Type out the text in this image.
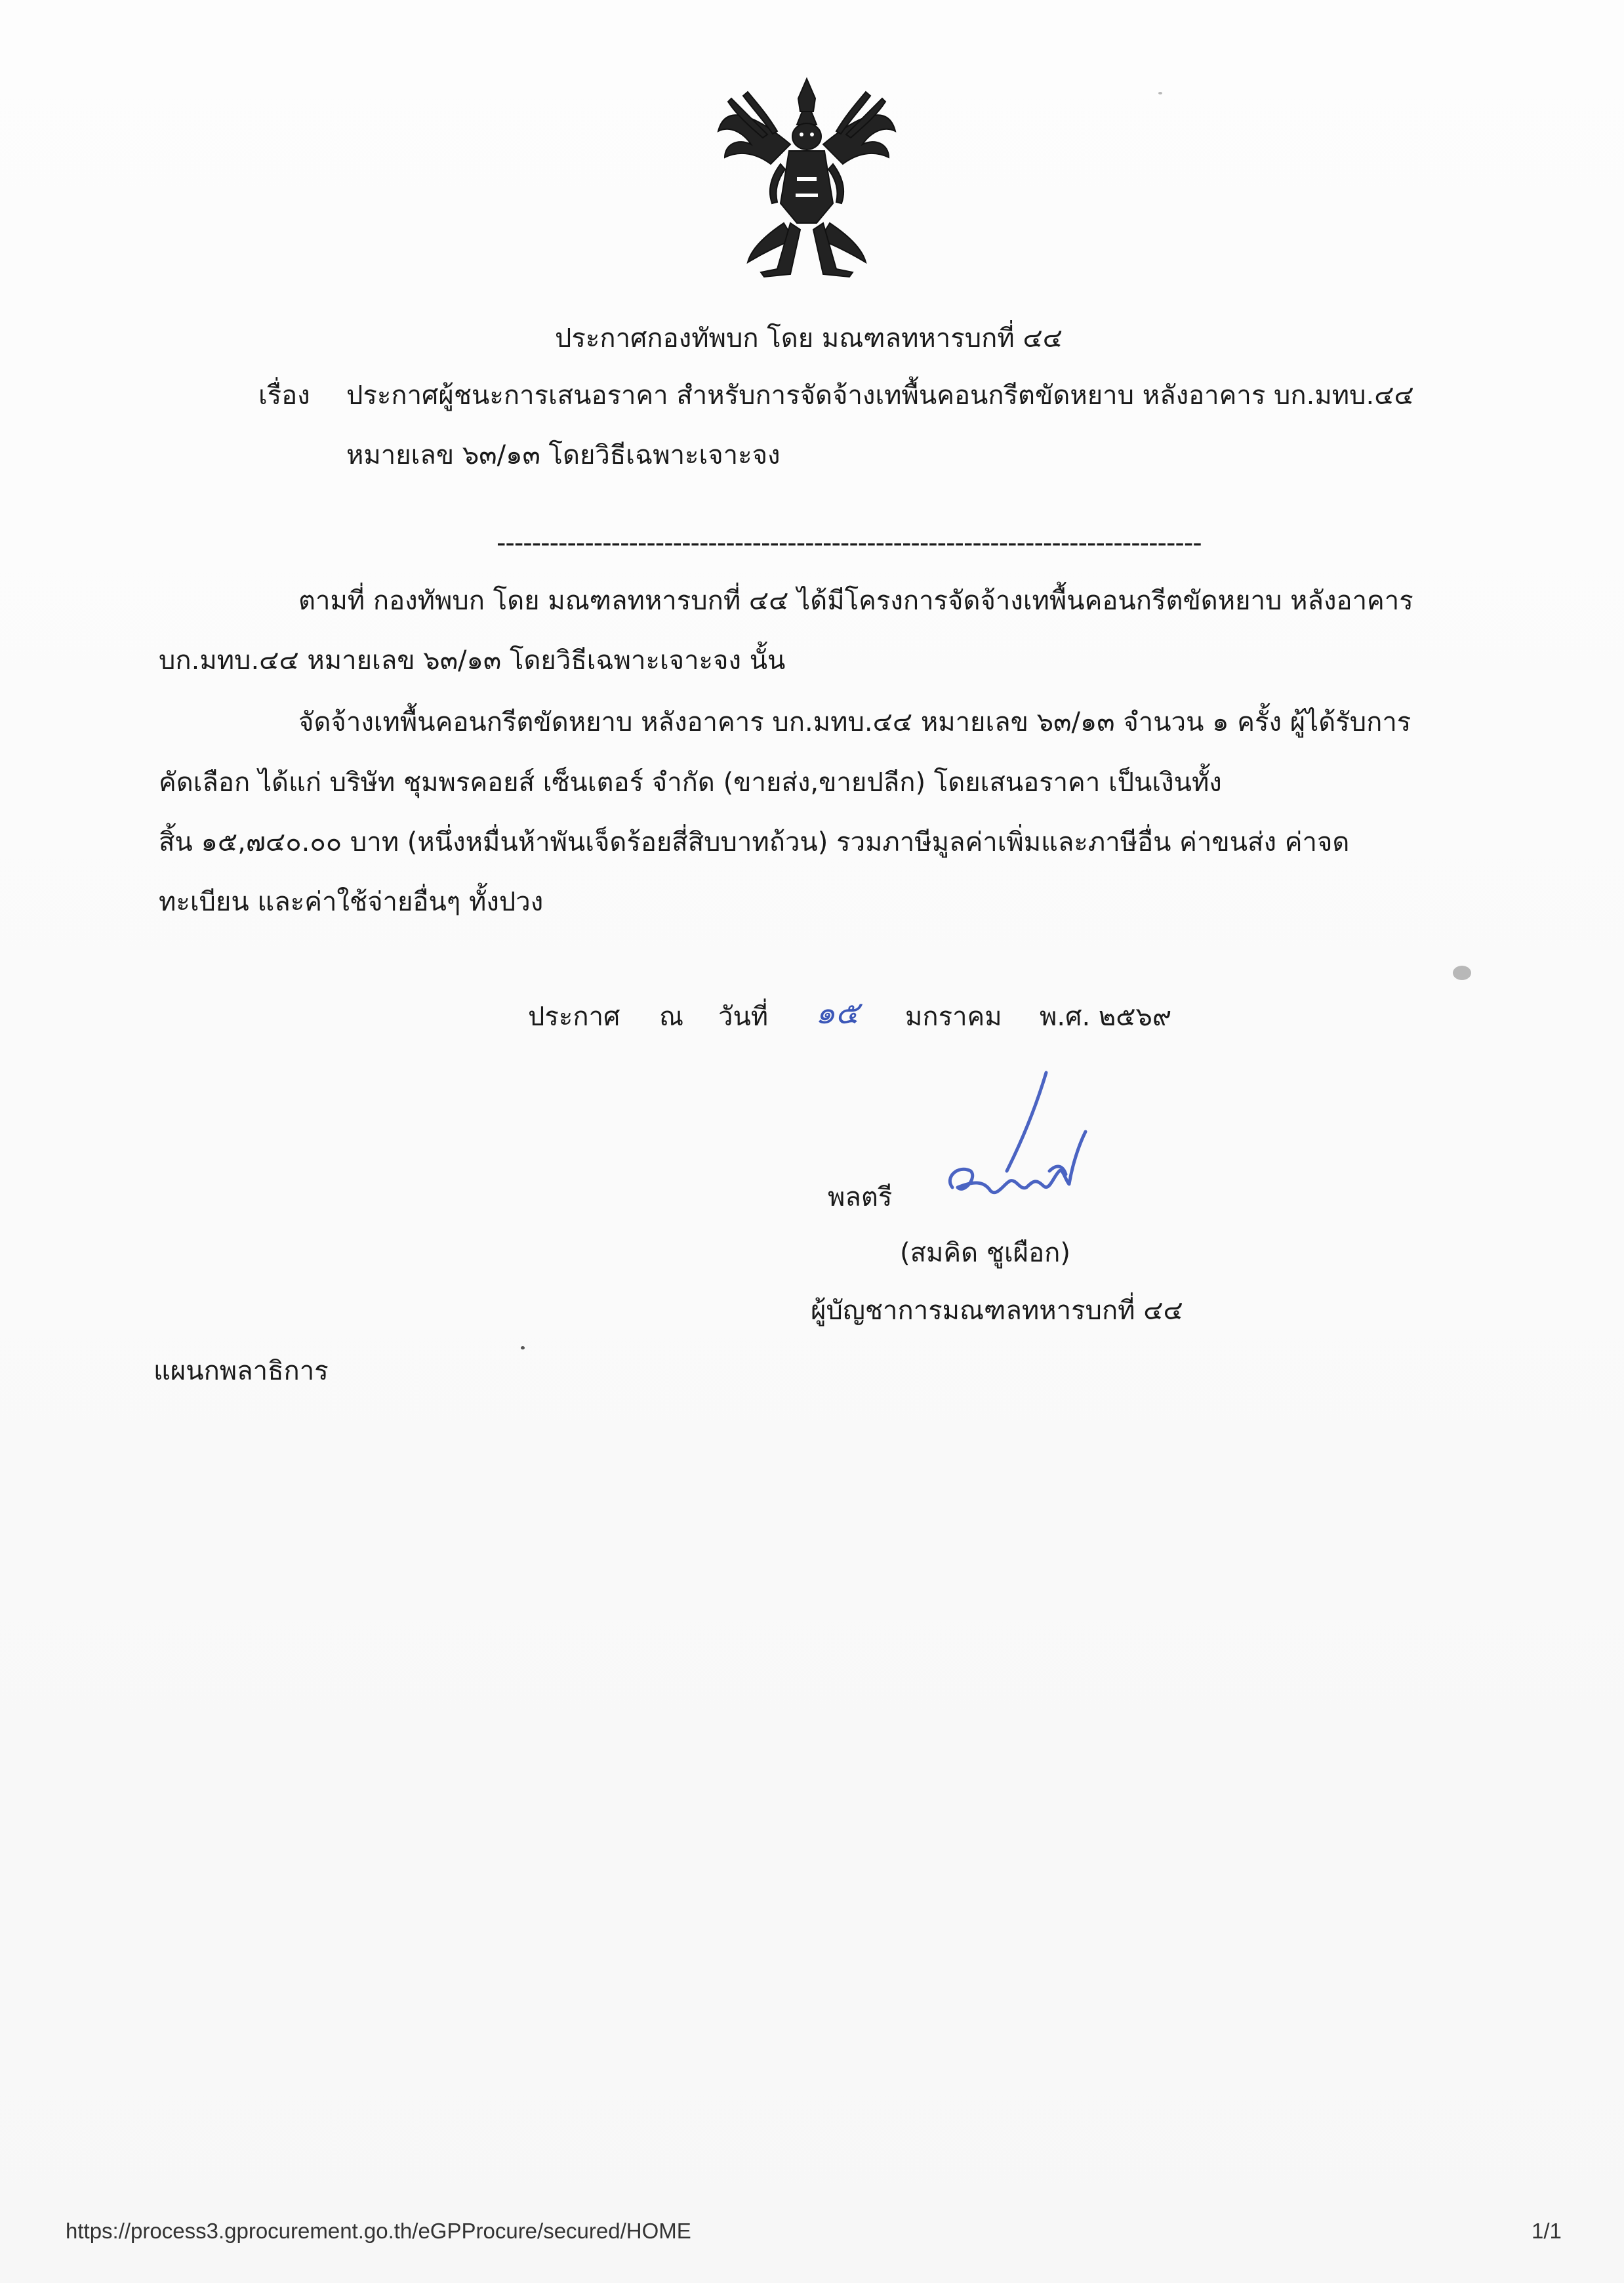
ประกาศกองทัพบก โดย มณฑลทหารบกที่ ๔๔
เรื่อง ประกาศผู้ชนะการเสนอราคา สำหรับการจัดจ้างเทพื้นคอนกรีตขัดหยาบ หลังอาคาร บก.มทบ.๔๔
หมายเลข ๖๓/๑๓ โดยวิธีเฉพาะเจาะจง
--------------------------------------------------------------------------------
ตามที่ กองทัพบก โดย มณฑลทหารบกที่ ๔๔ ได้มีโครงการจัดจ้างเทพื้นคอนกรีตขัดหยาบ หลังอาคาร
บก.มทบ.๔๔ หมายเลข ๖๓/๑๓ โดยวิธีเฉพาะเจาะจง นั้น
จัดจ้างเทพื้นคอนกรีตขัดหยาบ หลังอาคาร บก.มทบ.๔๔ หมายเลข ๖๓/๑๓ จำนวน ๑ ครั้ง ผู้ได้รับการ
คัดเลือก ได้แก่ บริษัท ชุมพรคอยส์ เซ็นเตอร์ จำกัด (ขายส่ง,ขายปลีก) โดยเสนอราคา เป็นเงินทั้ง
สิ้น ๑๕,๗๔๐.๐๐ บาท (หนึ่งหมื่นห้าพันเจ็ดร้อยสี่สิบบาทถ้วน) รวมภาษีมูลค่าเพิ่มและภาษีอื่น ค่าขนส่ง ค่าจด
ทะเบียน และค่าใช้จ่ายอื่นๆ ทั้งปวง
ประกาศ ณ วันที่ ๑๕ มกราคม พ.ศ. ๒๕๖๙
พลตรี
(สมคิด ชูเผือก)
ผู้บัญชาการมณฑลทหารบกที่ ๔๔
แผนกพลาธิการ
https://process3.gprocurement.go.th/eGPProcure/secured/HOME	1/1
